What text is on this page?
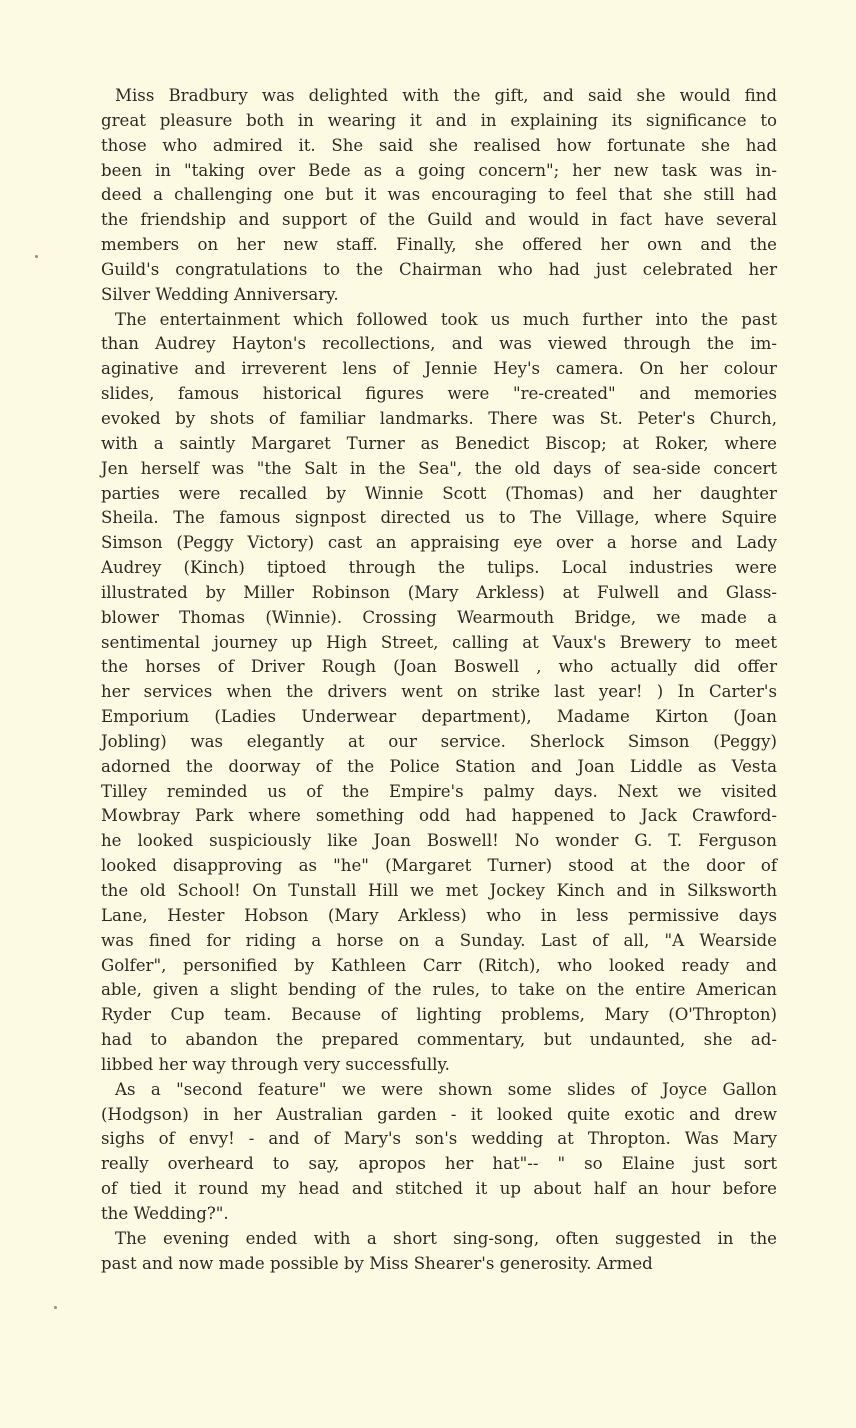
Miss Bradbury was delighted with the gift, and said she would find
great pleasure both in wearing it and in explaining its significance to
those who admired it. She said she realised how fortunate she had
been in "taking over Bede as a going concern"; her new task was in-
deed a challenging one but it was encouraging to feel that she still had
the friendship and support of the Guild and would in fact have several
members on her new staff. Finally, she offered her own and the
Guild's congratulations to the Chairman who had just celebrated her
Silver Wedding Anniversary.
The entertainment which followed took us much further into the past
than Audrey Hayton's recollections, and was viewed through the im-
aginative and irreverent lens of Jennie Hey's camera. On her colour
slides, famous historical figures were "re-created" and memories
evoked by shots of familiar landmarks. There was St. Peter's Church,
with a saintly Margaret Turner as Benedict Biscop; at Roker, where
Jen herself was "the Salt in the Sea", the old days of sea-side concert
parties were recalled by Winnie Scott (Thomas) and her daughter
Sheila. The famous signpost directed us to The Village, where Squire
Simson (Peggy Victory) cast an appraising eye over a horse and Lady
Audrey (Kinch) tiptoed through the tulips. Local industries were
illustrated by Miller Robinson (Mary Arkless) at Fulwell and Glass-
blower Thomas (Winnie). Crossing Wearmouth Bridge, we made a
sentimental journey up High Street, calling at Vaux's Brewery to meet
the horses of Driver Rough (Joan Boswell , who actually did offer
her services when the drivers went on strike last year! ) In Carter's
Emporium (Ladies Underwear department), Madame Kirton (Joan
Jobling) was elegantly at our service. Sherlock Simson (Peggy)
adorned the doorway of the Police Station and Joan Liddle as Vesta
Tilley reminded us of the Empire's palmy days. Next we visited
Mowbray Park where something odd had happened to Jack Crawford-
he looked suspiciously like Joan Boswell! No wonder G. T. Ferguson
looked disapproving as "he" (Margaret Turner) stood at the door of
the old School! On Tunstall Hill we met Jockey Kinch and in Silksworth
Lane, Hester Hobson (Mary Arkless) who in less permissive days
was fined for riding a horse on a Sunday. Last of all, "A Wearside
Golfer", personified by Kathleen Carr (Ritch), who looked ready and
able, given a slight bending of the rules, to take on the entire American
Ryder Cup team. Because of lighting problems, Mary (O'Thropton)
had to abandon the prepared commentary, but undaunted, she ad-
libbed her way through very successfully.
As a "second feature" we were shown some slides of Joyce Gallon
(Hodgson) in her Australian garden - it looked quite exotic and drew
sighs of envy! - and of Mary's son's wedding at Thropton. Was Mary
really overheard to say, apropos her hat"-- " so Elaine just sort
of tied it round my head and stitched it up about half an hour before
the Wedding?".
The evening ended with a short sing-song, often suggested in the
past and now made possible by Miss Shearer's generosity. Armed
